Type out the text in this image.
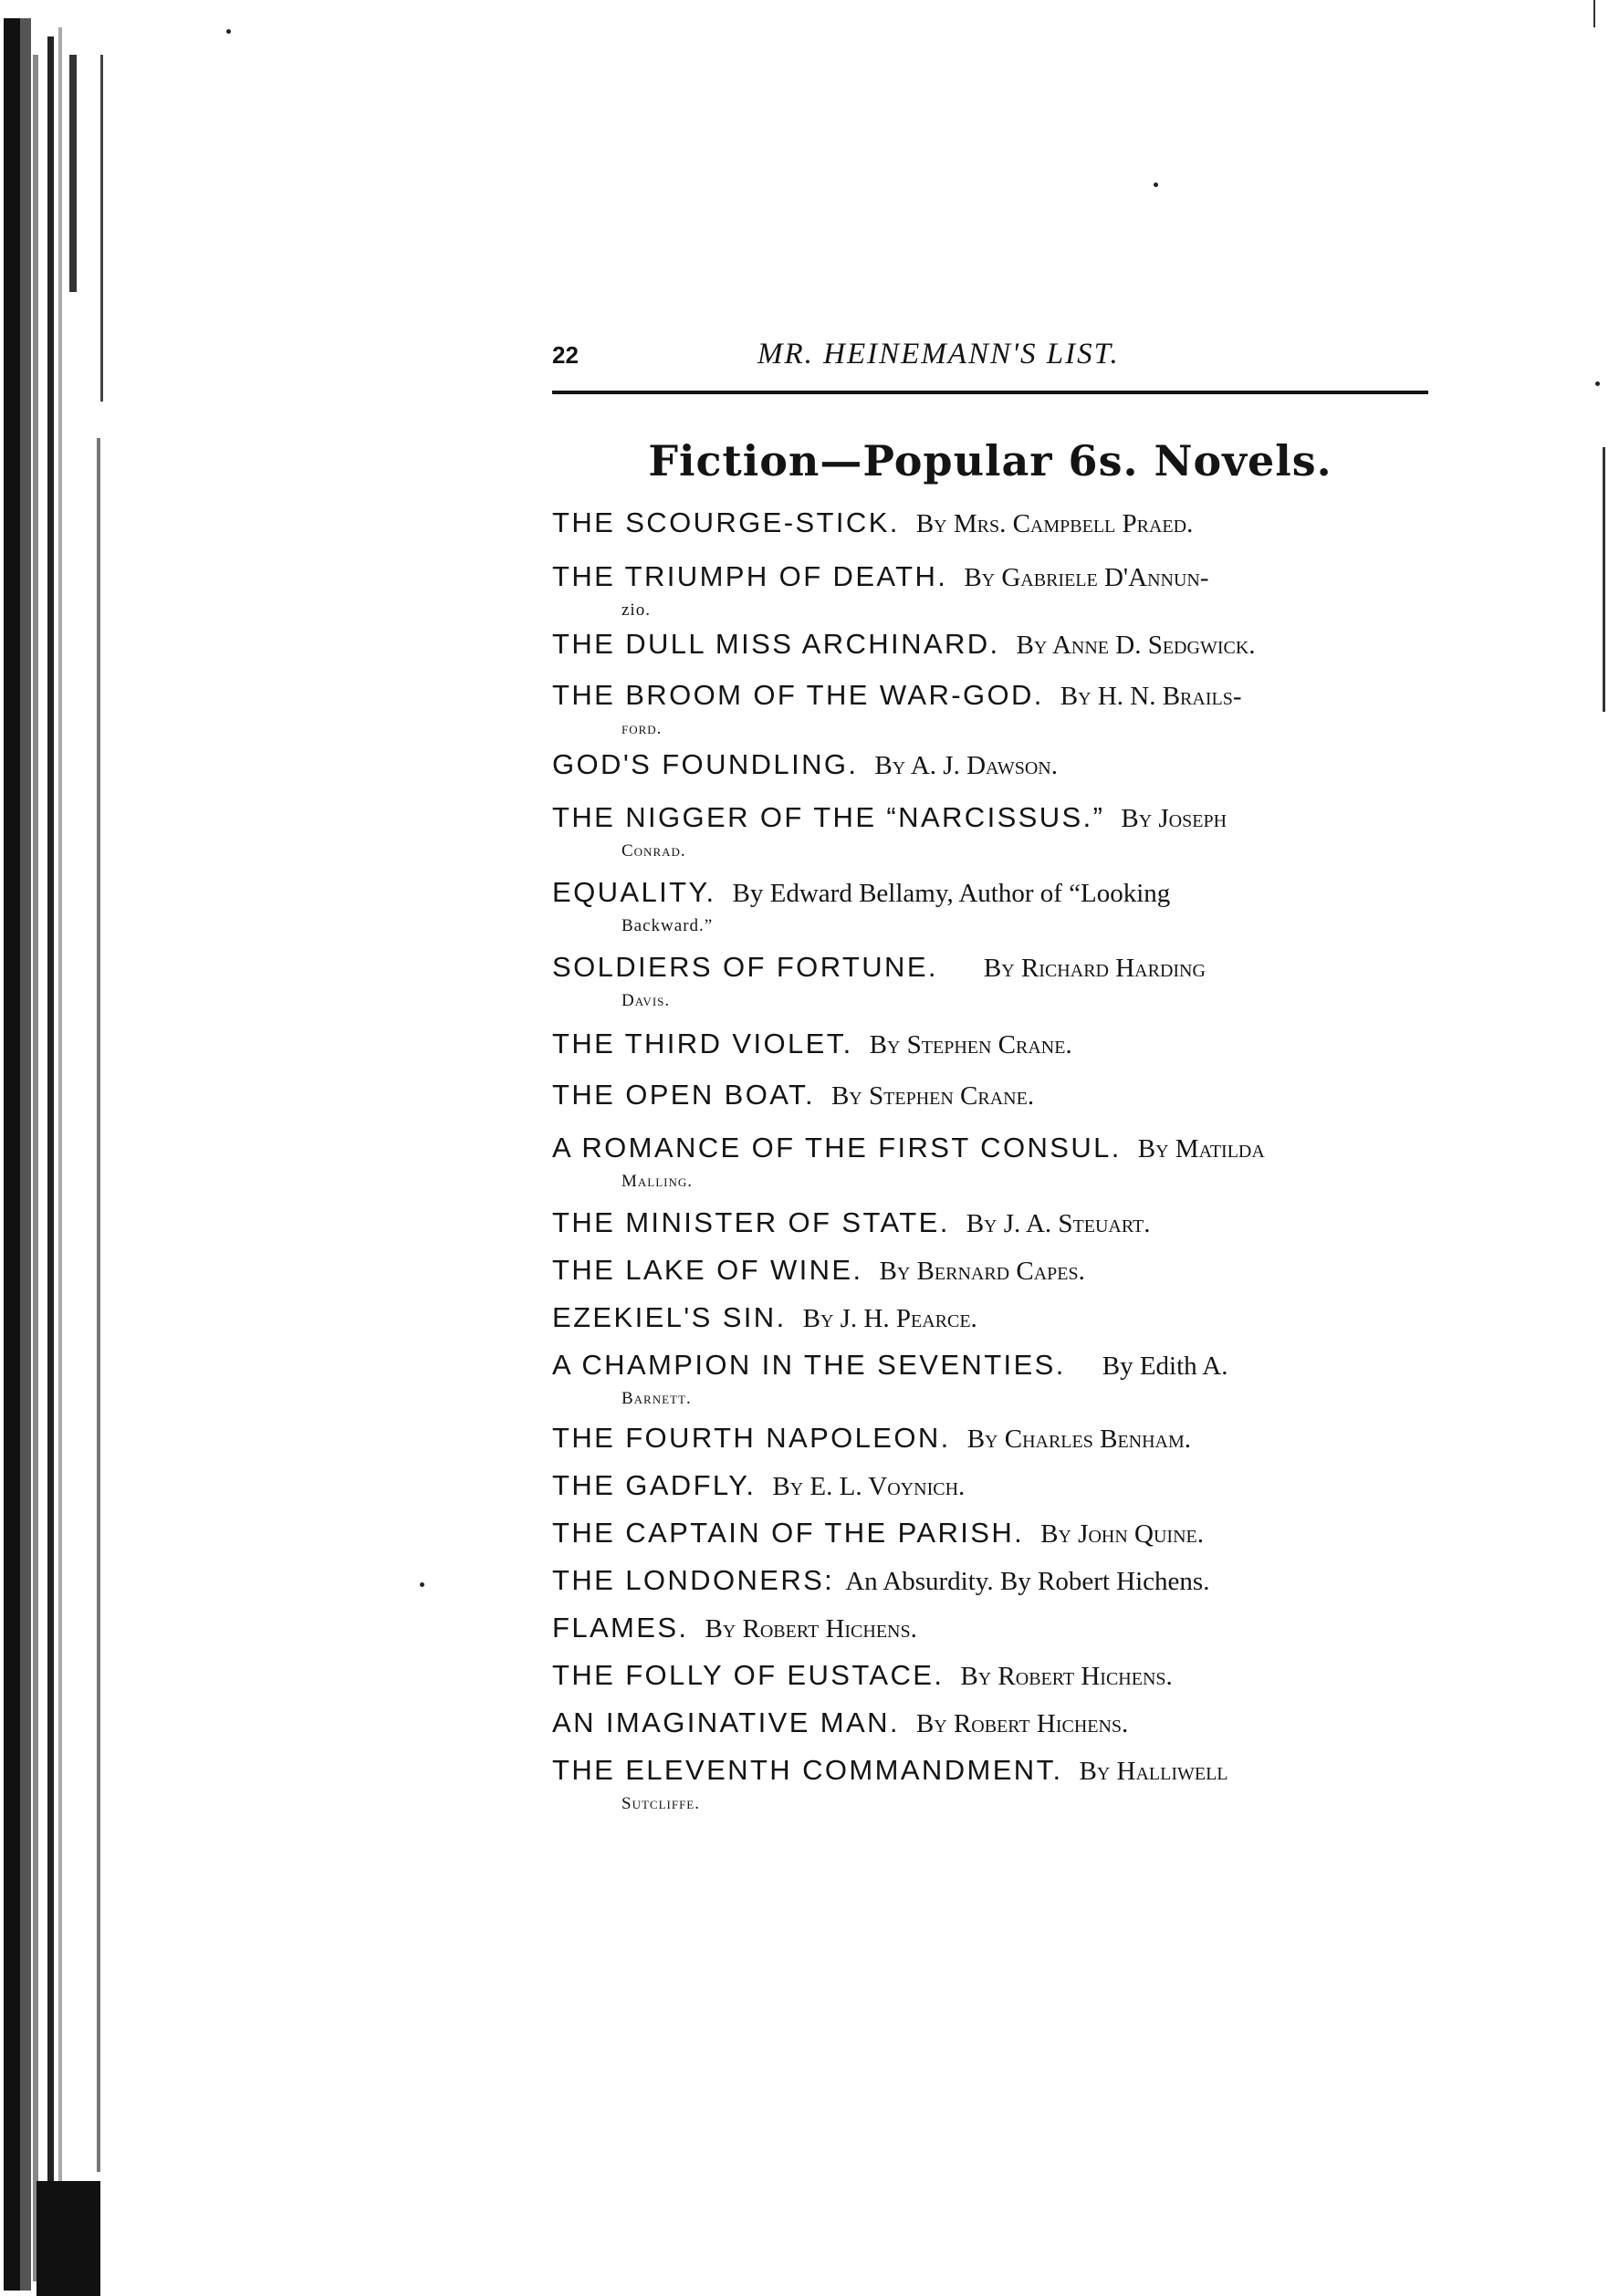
22	MR. HEINEMANN'S LIST.
Fiction—Popular 6s. Novels.
THE SCOURGE-STICK. By Mrs. Campbell Praed.
THE TRIUMPH OF DEATH. By Gabriele D'Annun-
zio.
THE DULL MISS ARCHINARD. By Anne D. Sedgwick.
THE BROOM OF THE WAR-GOD. By H. N. Brails-
ford.
GOD'S FOUNDLING. By A. J. Dawson.
THE NIGGER OF THE “NARCISSUS.” By Joseph
Conrad.
EQUALITY. By Edward Bellamy, Author of “Looking
Backward.”
SOLDIERS OF FORTUNE. By Richard Harding
Davis.
THE THIRD VIOLET. By Stephen Crane.
THE OPEN BOAT. By Stephen Crane.
A ROMANCE OF THE FIRST CONSUL. By Matilda
Malling.
THE MINISTER OF STATE. By J. A. Steuart.
THE LAKE OF WINE. By Bernard Capes.
EZEKIEL'S SIN. By J. H. Pearce.
A CHAMPION IN THE SEVENTIES. By Edith A.
Barnett.
THE FOURTH NAPOLEON. By Charles Benham.
THE GADFLY. By E. L. Voynich.
THE CAPTAIN OF THE PARISH. By John Quine.
THE LONDONERS: An Absurdity. By Robert Hichens.
FLAMES. By Robert Hichens.
THE FOLLY OF EUSTACE. By Robert Hichens.
AN IMAGINATIVE MAN. By Robert Hichens.
THE ELEVENTH COMMANDMENT. By Halliwell
Sutcliffe.
